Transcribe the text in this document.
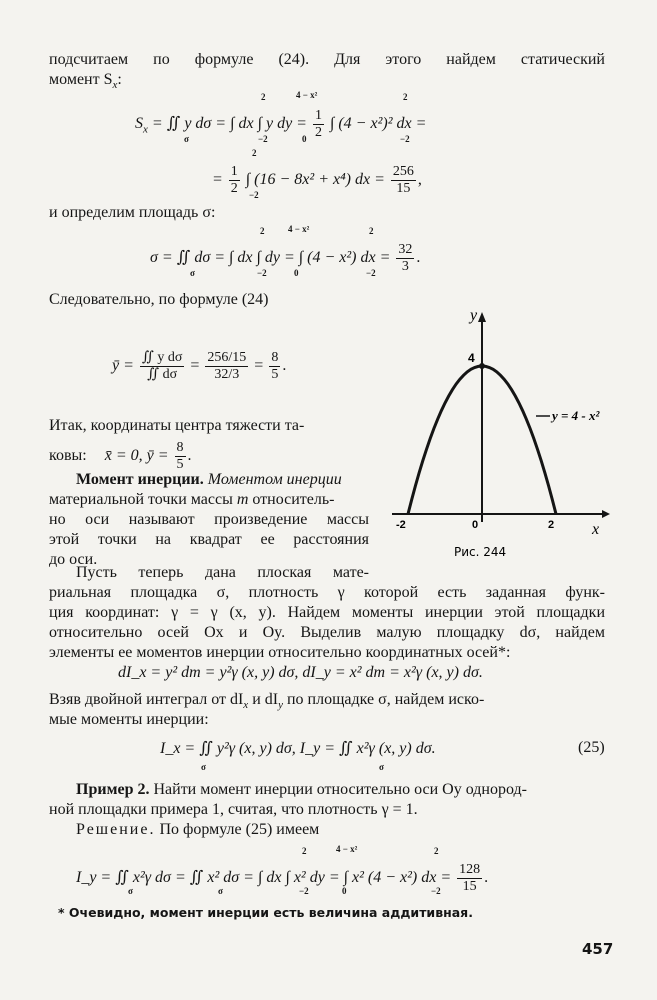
подсчитаем по формуле (24). Для этого найдем статический
момент $S_x$:
$S_x$ = ∬ y dσ = ∫ dx ∫ y dy = $\frac{1}{2}$ ∫ (4 − x²)² dx =
2
−2
4 − x²
0
σ
2
−2
= $\frac{1}{2}$ ∫ (16 − 8x² + x⁴) dx = $\frac{256}{15}$ ,
2
−2
и определим площадь σ:
σ = ∬ dσ = ∫ dx ∫ dy = ∫ (4 − x²) dx = $\frac{32}{3}$ .
2
−2
4 − x²
0
2
−2
σ
Следовательно, по формуле (24)
ȳ = $\frac{\text{∬ y dσ}}{∬ d\sigma} = \frac{256/15}{32/3} = \frac{8}{5}$ .
Итак, координаты центра тяжести та-
ковы: x̄ = 0, ȳ = $\frac{8}{5}$ .
Момент инерции. Моментом инерции
материальной точки массы m относитель-
но оси называют произведение массы
этой точки на квадрат ее расстояния
до оси.
Пусть теперь дана плоская мате-
риальная площадка σ, плотность γ которой есть заданная функ-
ция координат: γ = γ (x, y). Найдем моменты инерции этой площадки
относительно осей Ox и Oy. Выделив малую площадку dσ, найдем
элементы ее моментов инерции относительно координатных осей*:
dI_x = y² dm = y²γ (x, y) dσ, dI_y = x² dm = x²γ (x, y) dσ.
Взяв двойной интеграл от $dI_x$ и $dI_y$ по площадке σ, найдем иско-
мые моменты инерции:
I_x = ∬ y²γ (x, y) dσ, I_y = ∬ x²γ (x, y) dσ.
σ	σ
(25)
Пример 2. Найти момент инерции относительно оси Oy однород-
ной площадки примера 1, считая, что плотность γ = 1.
Решение. По формуле (25) имеем
I_y = ∬ x²γ dσ = ∬ x² dσ = ∫ dx ∫ x² dy = ∫ x² (4 − x²) dx = $\frac{128}{15}$ .
2
−2
4 − x²
0
2
−2
σ	σ
y
x
4
y = 4 - x²
-2	0	2
Рис. 244
* Очевидно, момент инерции есть величина аддитивная.
457
